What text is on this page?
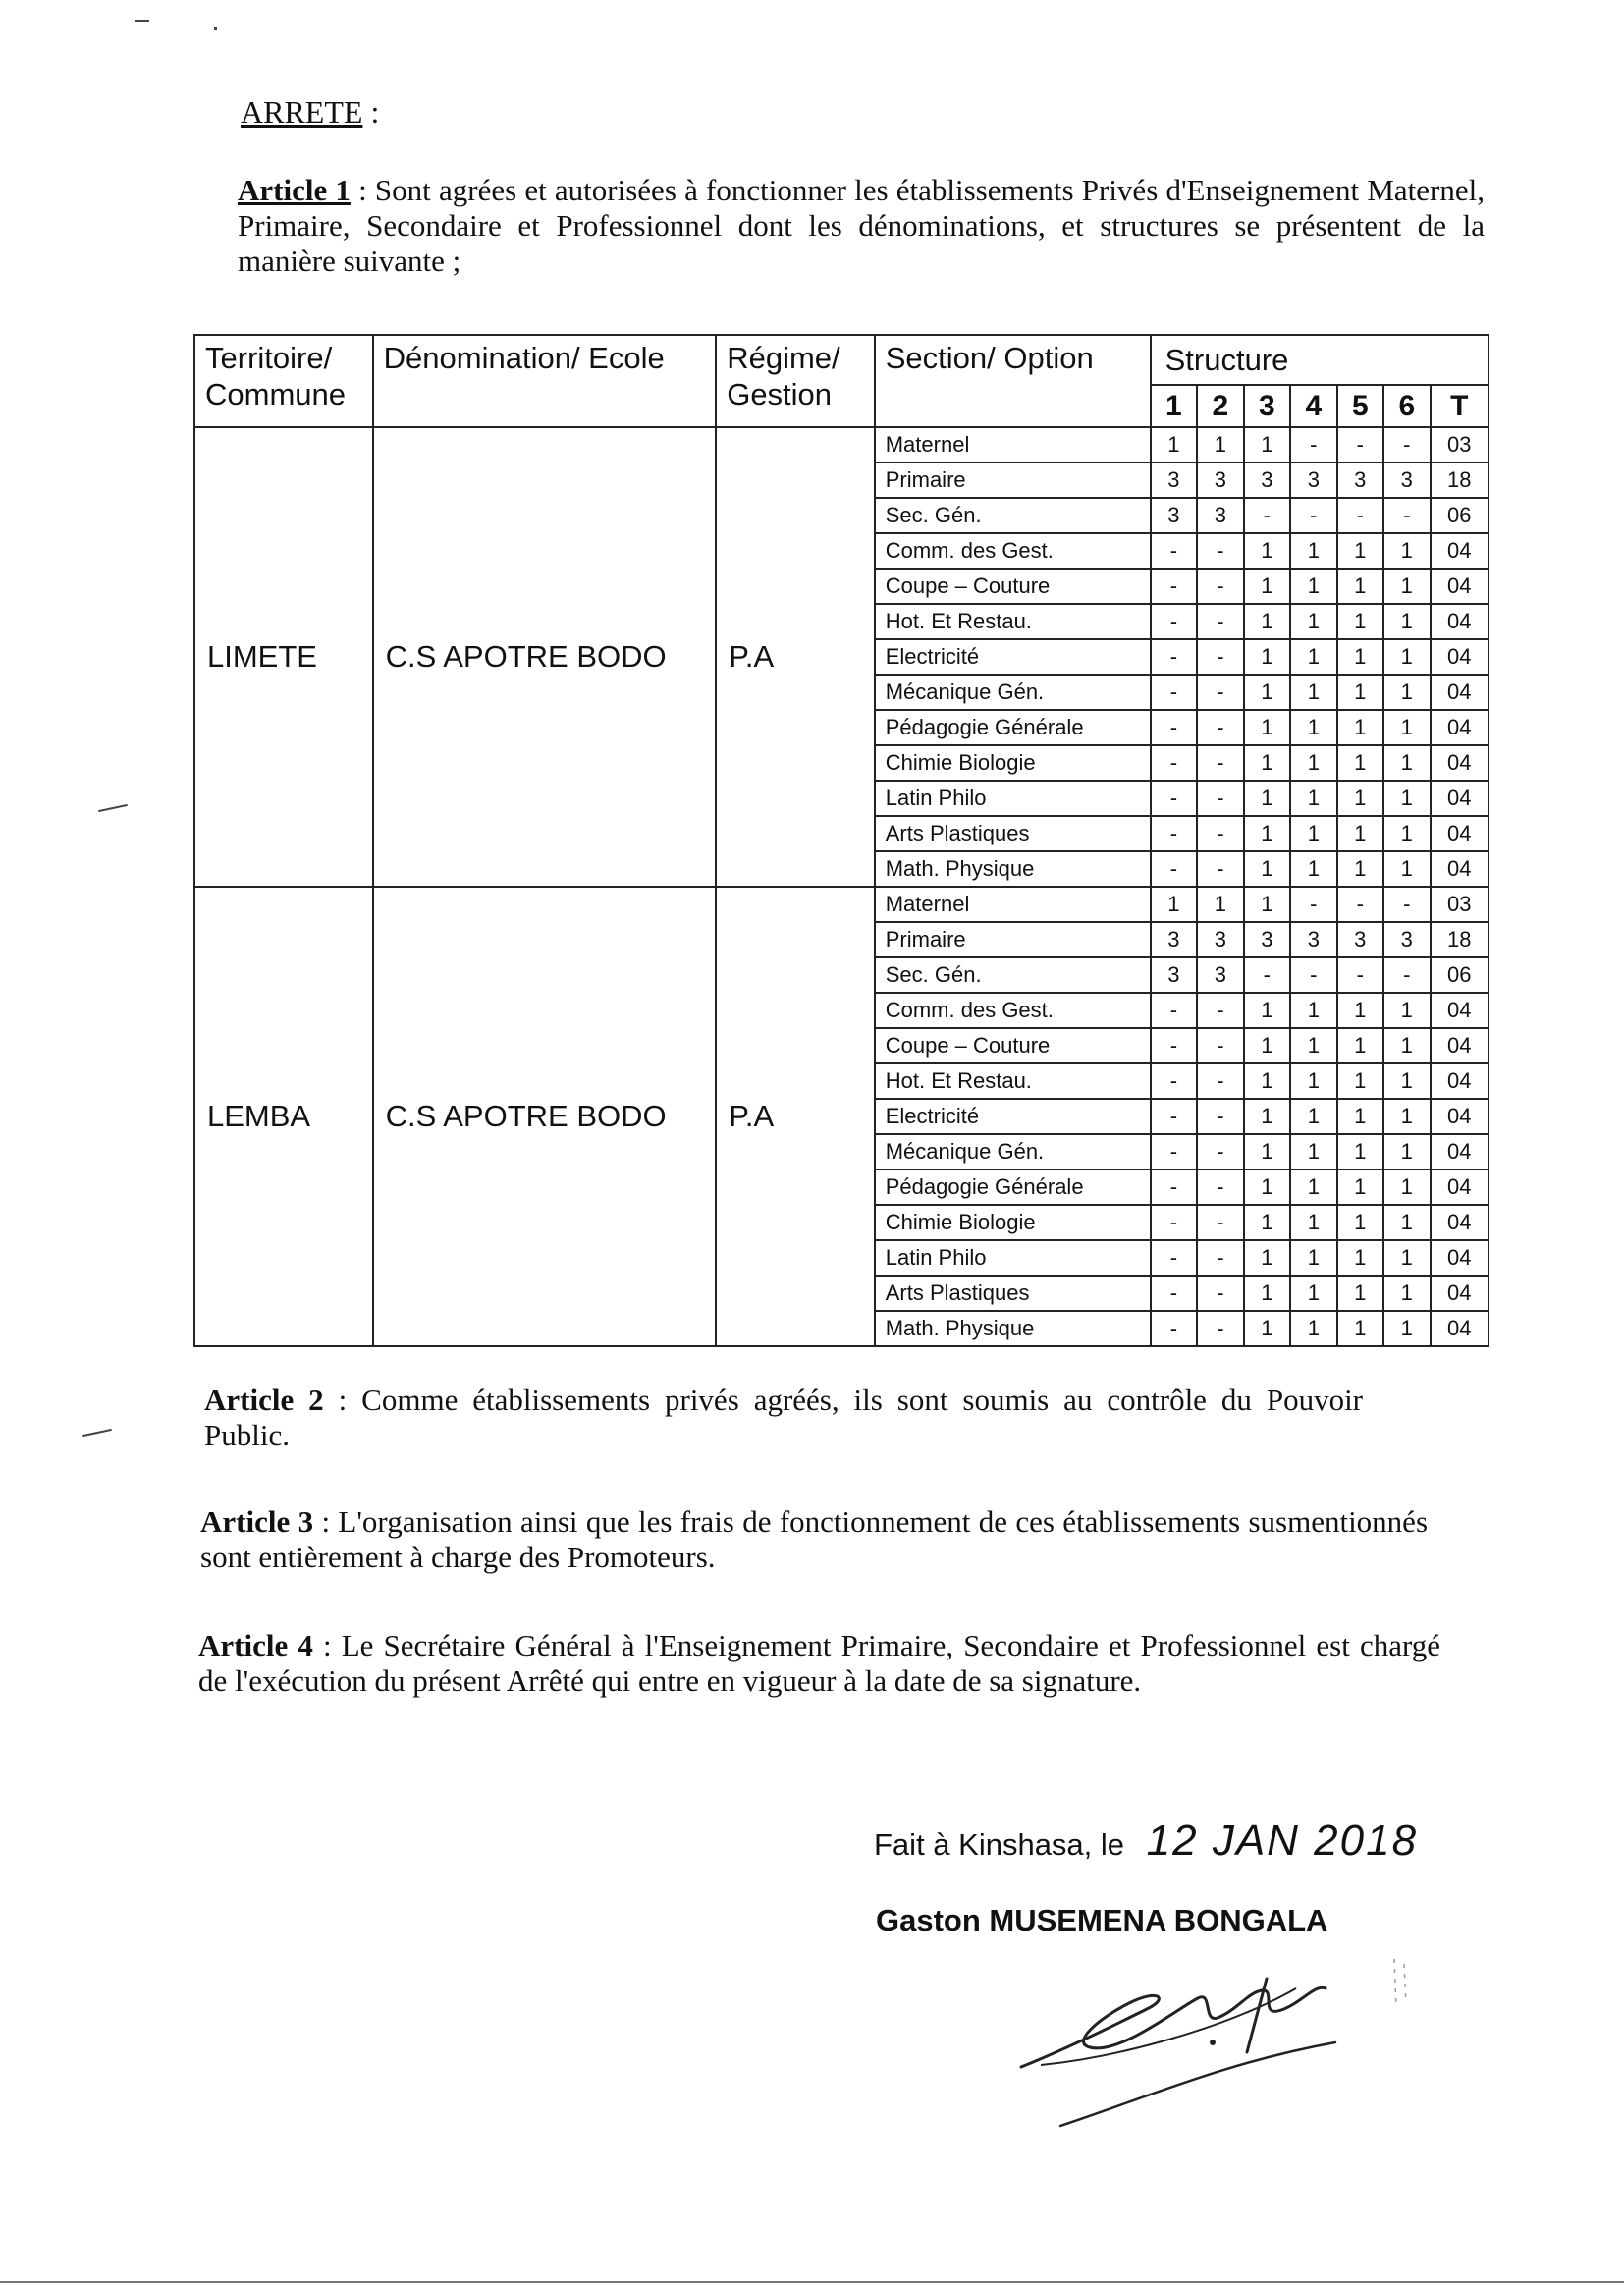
ARRETE :
Article 1 : Sont agrées et autorisées à fonctionner les établissements Privés d'Enseignement Maternel, Primaire, Secondaire et Professionnel dont les dénominations, et structures se présentent de la manière suivante ;
Territoire/ Commune	Dénomination/ Ecole	Régime/ Gestion	Section/ Option	Structure						
				1	2	3	4	5	6	T
LIMETE	C.S APOTRE BODO	P.A	Maternel	1	1	1	-	-	-	03
			Primaire	3	3	3	3	3	3	18
			Sec. Gén.	3	3	-	-	-	-	06
			Comm. des Gest.	-	-	1	1	1	1	04
			Coupe – Couture	-	-	1	1	1	1	04
			Hot. Et Restau.	-	-	1	1	1	1	04
			Electricité	-	-	1	1	1	1	04
			Mécanique Gén.	-	-	1	1	1	1	04
			Pédagogie Générale	-	-	1	1	1	1	04
			Chimie Biologie	-	-	1	1	1	1	04
			Latin Philo	-	-	1	1	1	1	04
			Arts Plastiques	-	-	1	1	1	1	04
			Math. Physique	-	-	1	1	1	1	04
LEMBA	C.S APOTRE BODO	P.A	Maternel	1	1	1	-	-	-	03
			Primaire	3	3	3	3	3	3	18
			Sec. Gén.	3	3	-	-	-	-	06
			Comm. des Gest.	-	-	1	1	1	1	04
			Coupe – Couture	-	-	1	1	1	1	04
			Hot. Et Restau.	-	-	1	1	1	1	04
			Electricité	-	-	1	1	1	1	04
			Mécanique Gén.	-	-	1	1	1	1	04
			Pédagogie Générale	-	-	1	1	1	1	04
			Chimie Biologie	-	-	1	1	1	1	04
			Latin Philo	-	-	1	1	1	1	04
			Arts Plastiques	-	-	1	1	1	1	04
			Math. Physique	-	-	1	1	1	1	04
Article 2 : Comme établissements privés agréés, ils sont soumis au contrôle du Pouvoir Public.
Article 3 : L'organisation ainsi que les frais de fonctionnement de ces établissements susmentionnés sont entièrement à charge des Promoteurs.
Article 4 : Le Secrétaire Général à l'Enseignement Primaire, Secondaire et Professionnel est chargé de l'exécution du présent Arrêté qui entre en vigueur à la date de sa signature.
Fait à Kinshasa, le 12 JAN 2018
Gaston MUSEMENA BONGALA
